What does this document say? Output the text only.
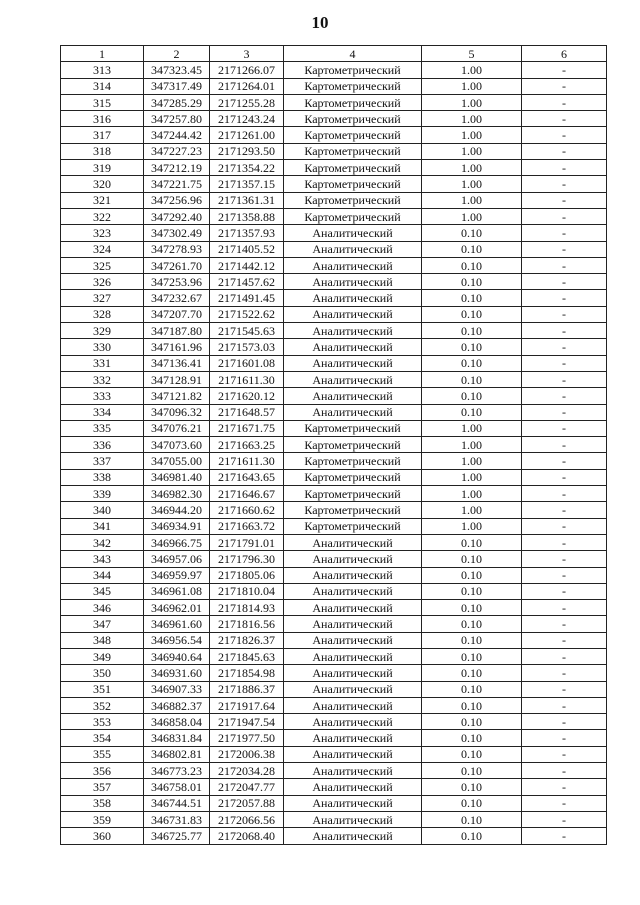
10
1	2	3	4	5	6
313	347323.45	2171266.07	Картометрический	1.00	-
314	347317.49	2171264.01	Картометрический	1.00	-
315	347285.29	2171255.28	Картометрический	1.00	-
316	347257.80	2171243.24	Картометрический	1.00	-
317	347244.42	2171261.00	Картометрический	1.00	-
318	347227.23	2171293.50	Картометрический	1.00	-
319	347212.19	2171354.22	Картометрический	1.00	-
320	347221.75	2171357.15	Картометрический	1.00	-
321	347256.96	2171361.31	Картометрический	1.00	-
322	347292.40	2171358.88	Картометрический	1.00	-
323	347302.49	2171357.93	Аналитический	0.10	-
324	347278.93	2171405.52	Аналитический	0.10	-
325	347261.70	2171442.12	Аналитический	0.10	-
326	347253.96	2171457.62	Аналитический	0.10	-
327	347232.67	2171491.45	Аналитический	0.10	-
328	347207.70	2171522.62	Аналитический	0.10	-
329	347187.80	2171545.63	Аналитический	0.10	-
330	347161.96	2171573.03	Аналитический	0.10	-
331	347136.41	2171601.08	Аналитический	0.10	-
332	347128.91	2171611.30	Аналитический	0.10	-
333	347121.82	2171620.12	Аналитический	0.10	-
334	347096.32	2171648.57	Аналитический	0.10	-
335	347076.21	2171671.75	Картометрический	1.00	-
336	347073.60	2171663.25	Картометрический	1.00	-
337	347055.00	2171611.30	Картометрический	1.00	-
338	346981.40	2171643.65	Картометрический	1.00	-
339	346982.30	2171646.67	Картометрический	1.00	-
340	346944.20	2171660.62	Картометрический	1.00	-
341	346934.91	2171663.72	Картометрический	1.00	-
342	346966.75	2171791.01	Аналитический	0.10	-
343	346957.06	2171796.30	Аналитический	0.10	-
344	346959.97	2171805.06	Аналитический	0.10	-
345	346961.08	2171810.04	Аналитический	0.10	-
346	346962.01	2171814.93	Аналитический	0.10	-
347	346961.60	2171816.56	Аналитический	0.10	-
348	346956.54	2171826.37	Аналитический	0.10	-
349	346940.64	2171845.63	Аналитический	0.10	-
350	346931.60	2171854.98	Аналитический	0.10	-
351	346907.33	2171886.37	Аналитический	0.10	-
352	346882.37	2171917.64	Аналитический	0.10	-
353	346858.04	2171947.54	Аналитический	0.10	-
354	346831.84	2171977.50	Аналитический	0.10	-
355	346802.81	2172006.38	Аналитический	0.10	-
356	346773.23	2172034.28	Аналитический	0.10	-
357	346758.01	2172047.77	Аналитический	0.10	-
358	346744.51	2172057.88	Аналитический	0.10	-
359	346731.83	2172066.56	Аналитический	0.10	-
360	346725.77	2172068.40	Аналитический	0.10	-
